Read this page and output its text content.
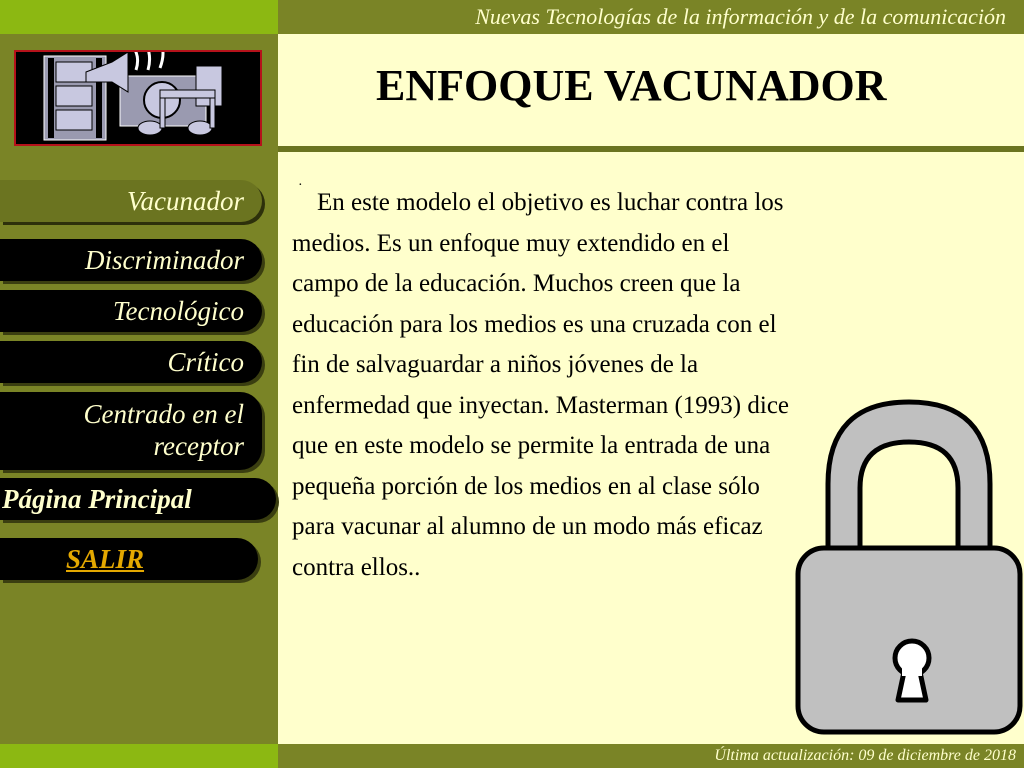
Nuevas Tecnologías de la información y de la comunicación
ENFOQUE VACUNADOR
·

En este modelo el objetivo es luchar contra los medios. Es un enfoque muy extendido en el campo de la educación. Muchos creen que la educación para los medios es una cruzada con el fin de salvaguardar a niños jóvenes de la enfermedad que inyectan. Masterman (1993) dice que en este modelo se permite la entrada de una pequeña porción de los medios en al clase sólo para vacunar al alumno de un modo más eficaz contra ellos..

Vacunador
Discriminador
Tecnológico
Crítico
Centrado en el
receptor
Página Principal
SALIR
Última actualización: 09 de diciembre de 2018
